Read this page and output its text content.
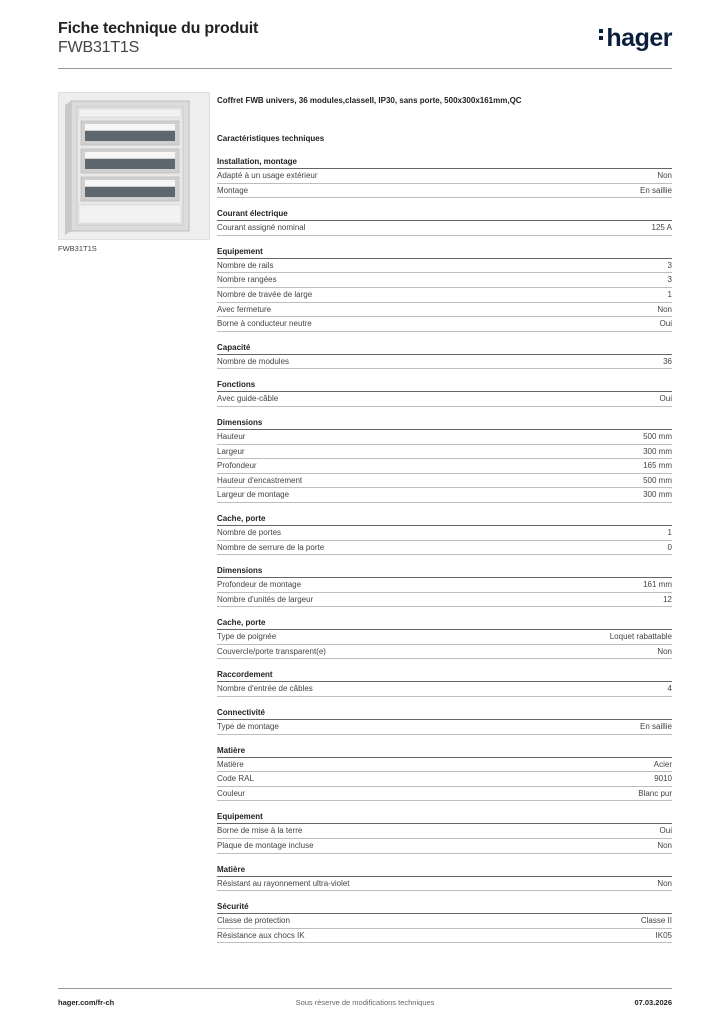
Fiche technique du produit
FWB31T1S	hager
FWB31T1S
Coffret FWB univers, 36 modules,classeII, IP30, sans porte, 500x300x161mm,QC
Caractéristiques techniques
Installation, montage
Adapté à un usage extérieur	Non
Montage	En saillie
Courant électrique
Courant assigné nominal	125 A
Equipement
Nombre de rails	3
Nombre rangées	3
Nombre de travée de large	1
Avec fermeture	Non
Borne à conducteur neutre	Oui
Capacité
Nombre de modules	36
Fonctions
Avec guide-câble	Oui
Dimensions
Hauteur	500 mm
Largeur	300 mm
Profondeur	165 mm
Hauteur d'encastrement	500 mm
Largeur de montage	300 mm
Cache, porte
Nombre de portes	1
Nombre de serrure de la porte	0
Dimensions
Profondeur de montage	161 mm
Nombre d'unités de largeur	12
Cache, porte
Type de poignée	Loquet rabattable
Couvercle/porte transparent(e)	Non
Raccordement
Nombre d'entrée de câbles	4
Connectivité
Type de montage	En saillie
Matière
Matière	Acier
Code RAL	9010
Couleur	Blanc pur
Equipement
Borne de mise à la terre	Oui
Plaque de montage incluse	Non
Matière
Résistant au rayonnement ultra-violet	Non
Sécurité
Classe de protection	Classe II
Résistance aux chocs IK	IK05
hager.com/fr-ch	Sous réserve de modifications techniques	07.03.2026
